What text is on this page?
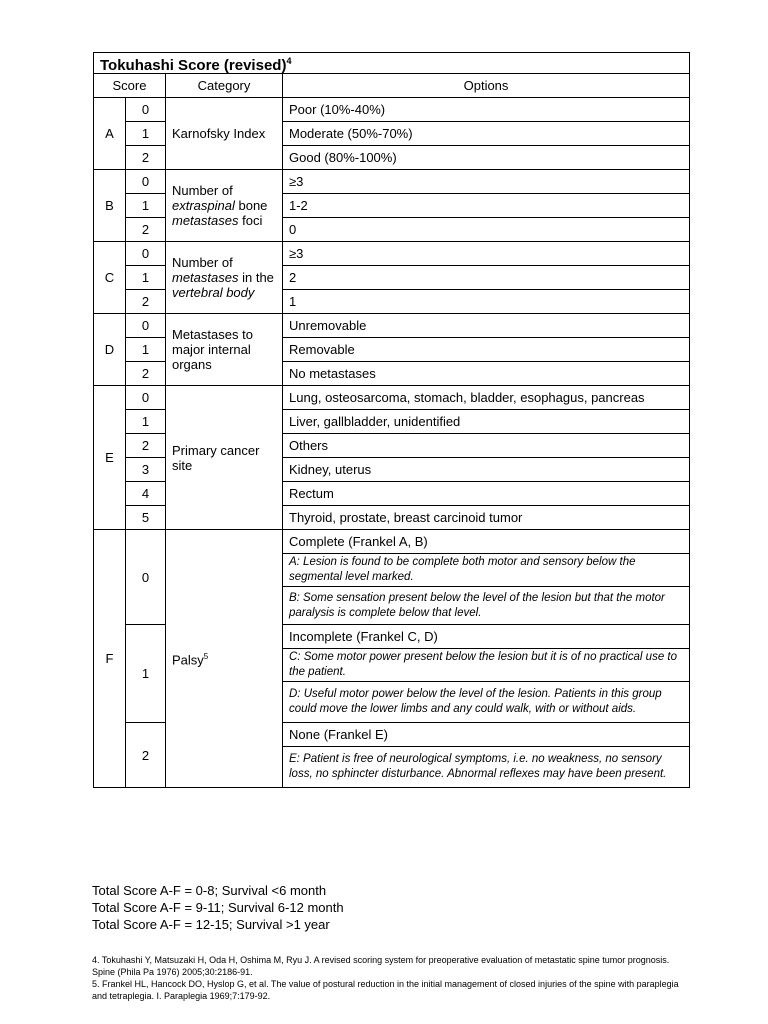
Tokuhashi Score (revised)$^4$
Score		Category	Options
A	0	Karnofsky Index	Poor (10%-40%)
	1		Moderate (50%-70%)
	2		Good (80%-100%)
B	0	Number of extraspinal bone metastases foci	≥3
	1		1-2
	2		0
C	0	Number of metastases in the vertebral body	≥3
	1		2
	2		1
D	0	Metastases to major internal organs	Unremovable
	1		Removable
	2		No metastases
E	0	Primary cancer site	Lung, osteosarcoma, stomach, bladder, esophagus, pancreas
	1		Liver, gallbladder, unidentified
	2		Others
	3		Kidney, uterus
	4		Rectum
	5		Thyroid, prostate, breast carcinoid tumor
F	0	Palsy$^5$	Complete (Frankel A, B)
			A: Lesion is found to be complete both motor and sensory below the segmental level marked.
			B: Some sensation present below the level of the lesion but that the motor paralysis is complete below that level.
	1		Incomplete (Frankel C, D)
			C: Some motor power present below the lesion but it is of no practical use to the patient.
			D: Useful motor power below the level of the lesion. Patients in this group could move the lower limbs and any could walk, with or without aids.
	2		None (Frankel E)
			E: Patient is free of neurological symptoms, i.e. no weakness, no sensory loss, no sphincter disturbance. Abnormal reflexes may have been present.
Total Score A-F = 0-8; Survival <6 month
Total Score A-F = 9-11; Survival 6-12 month
Total Score A-F = 12-15; Survival >1 year
4. Tokuhashi Y, Matsuzaki H, Oda H, Oshima M, Ryu J. A revised scoring system for preoperative evaluation of metastatic spine tumor prognosis. Spine (Phila Pa 1976) 2005;30:2186-91.
5. Frankel HL, Hancock DO, Hyslop G, et al. The value of postural reduction in the initial management of closed injuries of the spine with paraplegia and tetraplegia. I. Paraplegia 1969;7:179-92.
